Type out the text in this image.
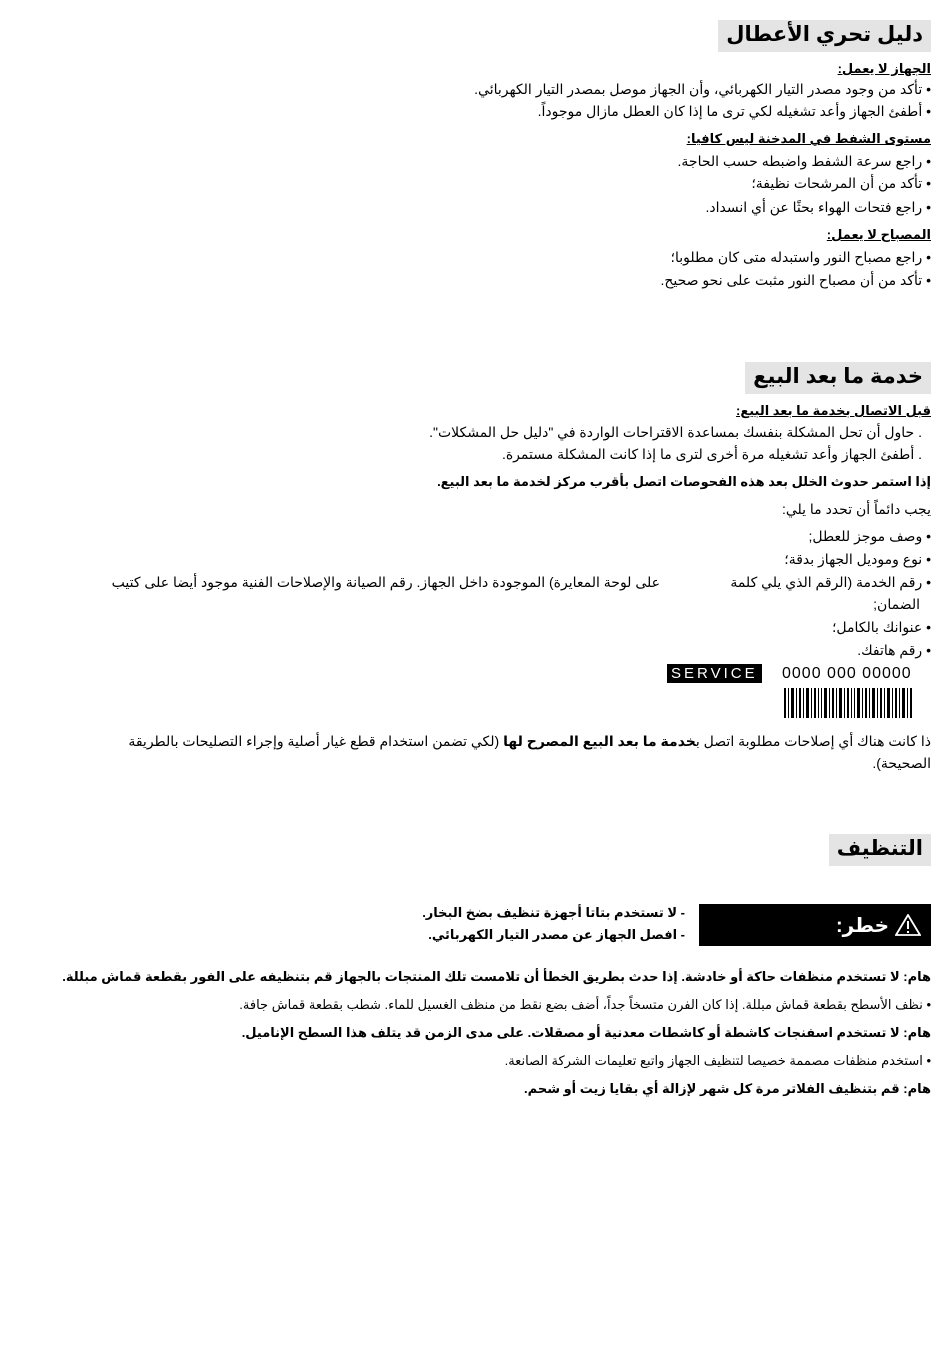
دليل تحري الأعطال
الجهاز لا يعمل:
• تأكد من وجود مصدر التيار الكهربائي، وأن الجهاز موصل بمصدر التيار الكهربائي.
• أطفئ الجهاز وأعد تشغيله لكي ترى ما إذا كان العطل مازال موجوداً.
مستوى الشفط في المدخنة ليس كافيا:
• راجع سرعة الشفط واضبطه حسب الحاجة.
• تأكد من أن المرشحات نظيفة؛
• راجع فتحات الهواء بحثًا عن أي انسداد.
المصباح لا يعمل:
• راجع مصباح النور واستبدله متى كان مطلوبا؛
• تأكد من أن مصباح النور مثبت على نحو صحيح.
خدمة ما بعد البيع
قبل الاتصال بخدمة ما بعد البيع:
. حاول أن تحل المشكلة بنفسك بمساعدة الاقتراحات الواردة في "دليل حل المشكلات".
. أطفئ الجهاز وأعد تشغيله مرة أخرى لترى ما إذا كانت المشكلة مستمرة.
إذا استمر حدوث الخلل بعد هذه الفحوصات اتصل بأقرب مركز لخدمة ما بعد البيع.
يجب دائماً أن تحدد ما يلي:
• وصف موجز للعطل;
• نوع وموديل الجهاز بدقة؛
• رقم الخدمة (الرقم الذي يلي كلمة
على لوحة المعايرة) الموجودة داخل الجهاز. رقم الصيانة والإصلاحات الفنية موجود أيضا على كتيب
الضمان;
• عنوانك بالكامل؛
• رقم هاتفك.
SERVICE 0000 000 00000
ذا كانت هناك أي إصلاحات مطلوبة اتصل بخدمة ما بعد البيع المصرح لها (لكي تضمن استخدام قطع غيار أصلية وإجراء التصليحات بالطريقة
الصحيحة).
التنظيف
خطر:
- لا تستخدم بتاتا أجهزة تنظيف بضخ البخار.
- افصل الجهاز عن مصدر التيار الكهربائي.
هام: لا تستخدم منظفات حاكة أو خادشة. إذا حدث بطريق الخطأ أن تلامست تلك المنتجات بالجهاز قم بتنظيفه على الفور بقطعة قماش مبللة.
• نظف الأسطح بقطعة قماش مبللة. إذا كان الفرن متسخاً جداً، أضف بضع نقط من منظف الغسيل للماء. شطب بقطعة قماش جافة.
هام: لا تستخدم اسفنجات كاشطة أو كاشطات معدنية أو مصقلات. على مدى الزمن قد يتلف هذا السطح الإناميل.
• استخدم منظفات مصممة خصيصا لتنظيف الجهاز واتبع تعليمات الشركة الصانعة.
هام: قم بتنظيف الفلاتر مرة كل شهر لإزالة أي بقايا زيت أو شحم.
